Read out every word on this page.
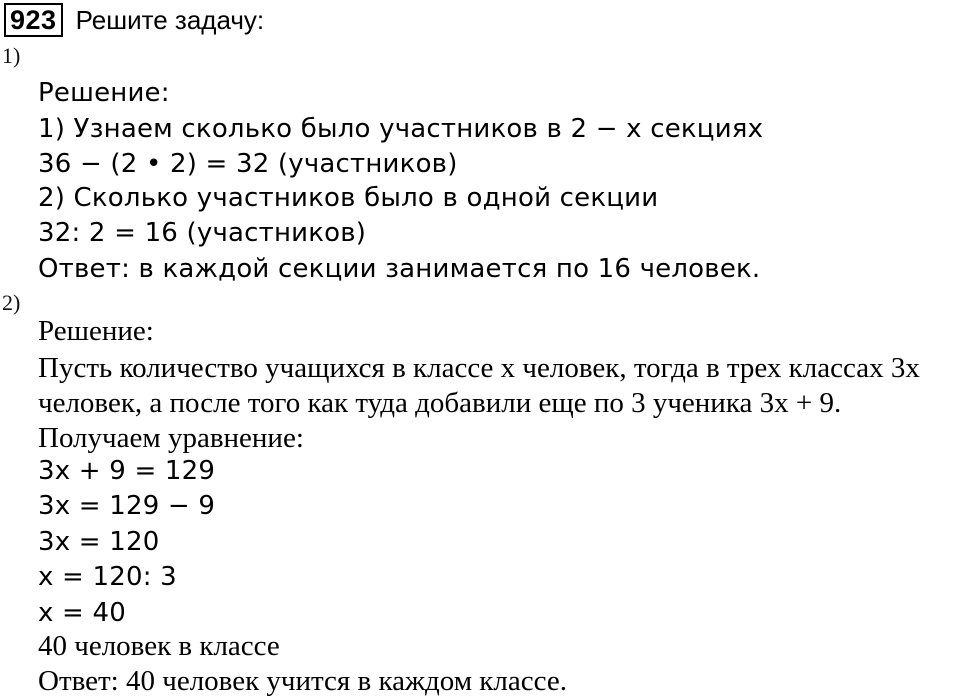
923 Решите задачу:
1)
Решение:
1) Узнаем сколько было участников в 2 − х секциях
36 − (2 • 2) = 32 (участников)
2) Сколько участников было в одной секции
32: 2 = 16 (участников)
Ответ: в каждой секции занимается по 16 человек.
2)
Решение:
Пусть количество учащихся в классе х человек, тогда в трех классах 3х
человек, а после того как туда добавили еще по 3 ученика 3x + 9.
Получаем уравнение:
3x + 9 = 129
3x = 129 − 9
3x = 120
x = 120: 3
x = 40
40 человек в классе
Ответ: 40 человек учится в каждом классе.
